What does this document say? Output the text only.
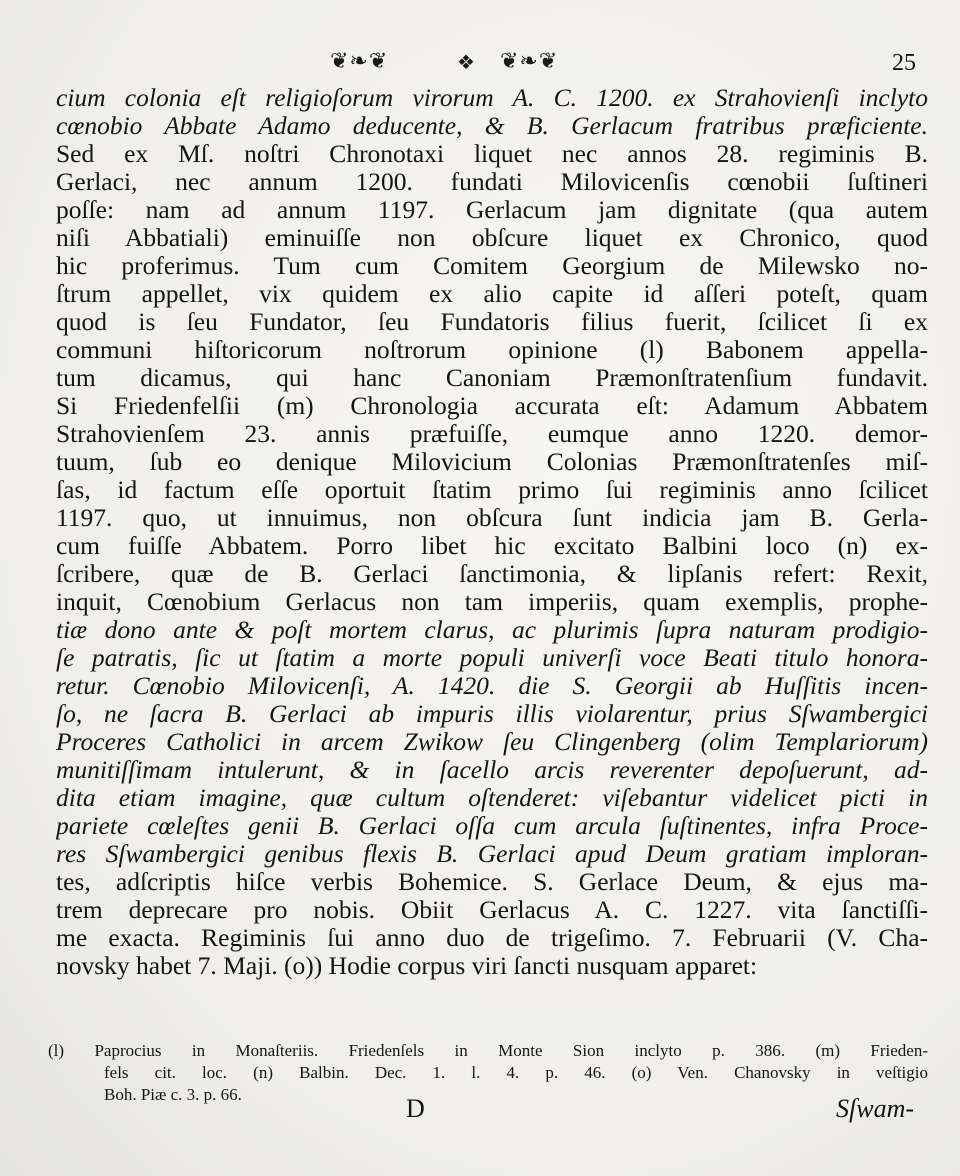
❦❧❦	❖ ❦❧❦	25
cium colonia eſt religioſorum virorum A. C. 1200. ex Strahovienſi inclyto
cœnobio Abbate Adamo deducente, & B. Gerlacum fratribus præficiente.
Sed ex Mſ. noſtri Chronotaxi liquet nec annos 28. regiminis B.
Gerlaci, nec annum 1200. fundati Milovicenſis cœnobii ſuſtineri
poſſe: nam ad annum 1197. Gerlacum jam dignitate (qua autem
niſi Abbatiali) eminuiſſe non obſcure liquet ex Chronico, quod
hic proferimus. Tum cum Comitem Georgium de Milewsko no-
ſtrum appellet, vix quidem ex alio capite id aſſeri poteſt, quam
quod is ſeu Fundator, ſeu Fundatoris filius fuerit, ſcilicet ſi ex
communi hiſtoricorum noſtrorum opinione (l) Babonem appella-
tum dicamus, qui hanc Canoniam Præmonſtratenſium fundavit.
Si Friedenfelſii (m) Chronologia accurata eſt: Adamum Abbatem
Strahovienſem 23. annis præfuiſſe, eumque anno 1220. demor-
tuum, ſub eo denique Milovicium Colonias Præmonſtratenſes miſ-
ſas, id factum eſſe oportuit ſtatim primo ſui regiminis anno ſcilicet
1197. quo, ut innuimus, non obſcura ſunt indicia jam B. Gerla-
cum fuiſſe Abbatem. Porro libet hic excitato Balbini loco (n) ex-
ſcribere, quæ de B. Gerlaci ſanctimonia, & lipſanis refert: Rexit,
inquit, Cœnobium Gerlacus non tam imperiis, quam exemplis, prophe-
tiæ dono ante & poſt mortem clarus, ac plurimis ſupra naturam prodigio-
ſe patratis, ſic ut ſtatim a morte populi univerſi voce Beati titulo honora-
retur. Cœnobio Milovicenſi, A. 1420. die S. Georgii ab Huſſitis incen-
ſo, ne ſacra B. Gerlaci ab impuris illis violarentur, prius Sſwambergici
Proceres Catholici in arcem Zwikow ſeu Clingenberg (olim Templariorum)
munitiſſimam intulerunt, & in ſacello arcis reverenter depoſuerunt, ad-
dita etiam imagine, quæ cultum oſtenderet: viſebantur videlicet picti in
pariete cœleſtes genii B. Gerlaci oſſa cum arcula ſuſtinentes, infra Proce-
res Sſwambergici genibus flexis B. Gerlaci apud Deum gratiam imploran-
tes, adſcriptis hiſce verbis Bohemice. S. Gerlace Deum, & ejus ma-
trem deprecare pro nobis. Obiit Gerlacus A. C. 1227. vita ſanctiſſi-
me exacta. Regiminis ſui anno duo de trigeſimo. 7. Februarii (V. Cha-
novsky habet 7. Maji. (o)) Hodie corpus viri ſancti nusquam apparet:
D	Sſwam-
(l) Paprocius in Monaſteriis. Friedenſels in Monte Sion inclyto p. 386. (m) Frieden-
fels cit. loc. (n) Balbin. Dec. 1. l. 4. p. 46. (o) Ven. Chanovsky in veſtigio
Boh. Piæ c. 3. p. 66.
